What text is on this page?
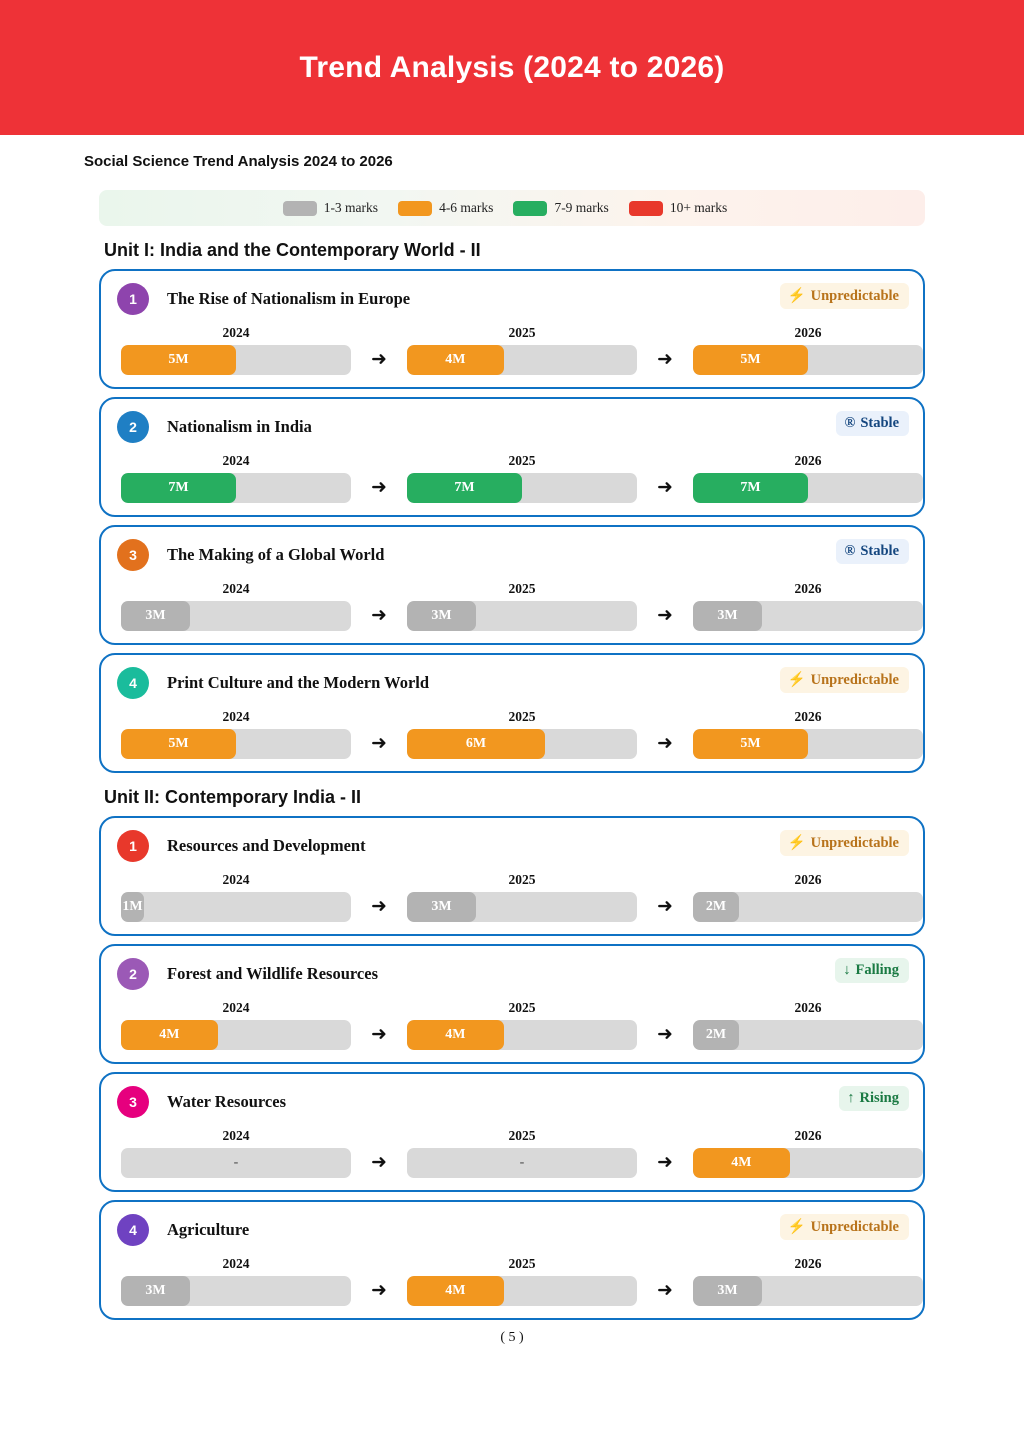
Trend Analysis (2024 to 2026)
Social Science Trend Analysis 2024 to 2026
1-3 marks	4-6 marks	7-9 marks	10+ marks
Unit I: India and the Contemporary World - II
1	The Rise of Nationalism in Europe	⚡ Unpredictable
2024	2025	2026
5M	➜	4M	➜	5M
2	Nationalism in India	® Stable
2024	2025	2026
7M	➜	7M	➜	7M
3	The Making of a Global World	® Stable
2024	2025	2026
3M	➜	3M	➜	3M
4	Print Culture and the Modern World	⚡ Unpredictable
2024	2025	2026
5M	➜	6M	➜	5M
Unit II: Contemporary India - II
1	Resources and Development	⚡ Unpredictable
2024	2025	2026
1M	➜	3M	➜	2M
2	Forest and Wildlife Resources	↓ Falling
2024	2025	2026
4M	➜	4M	➜	2M
3	Water Resources	↑ Rising
2024	2025	2026
-	➜	-	➜	4M
4	Agriculture	⚡ Unpredictable
2024	2025	2026
3M	➜	4M	➜	3M
( 5 )
